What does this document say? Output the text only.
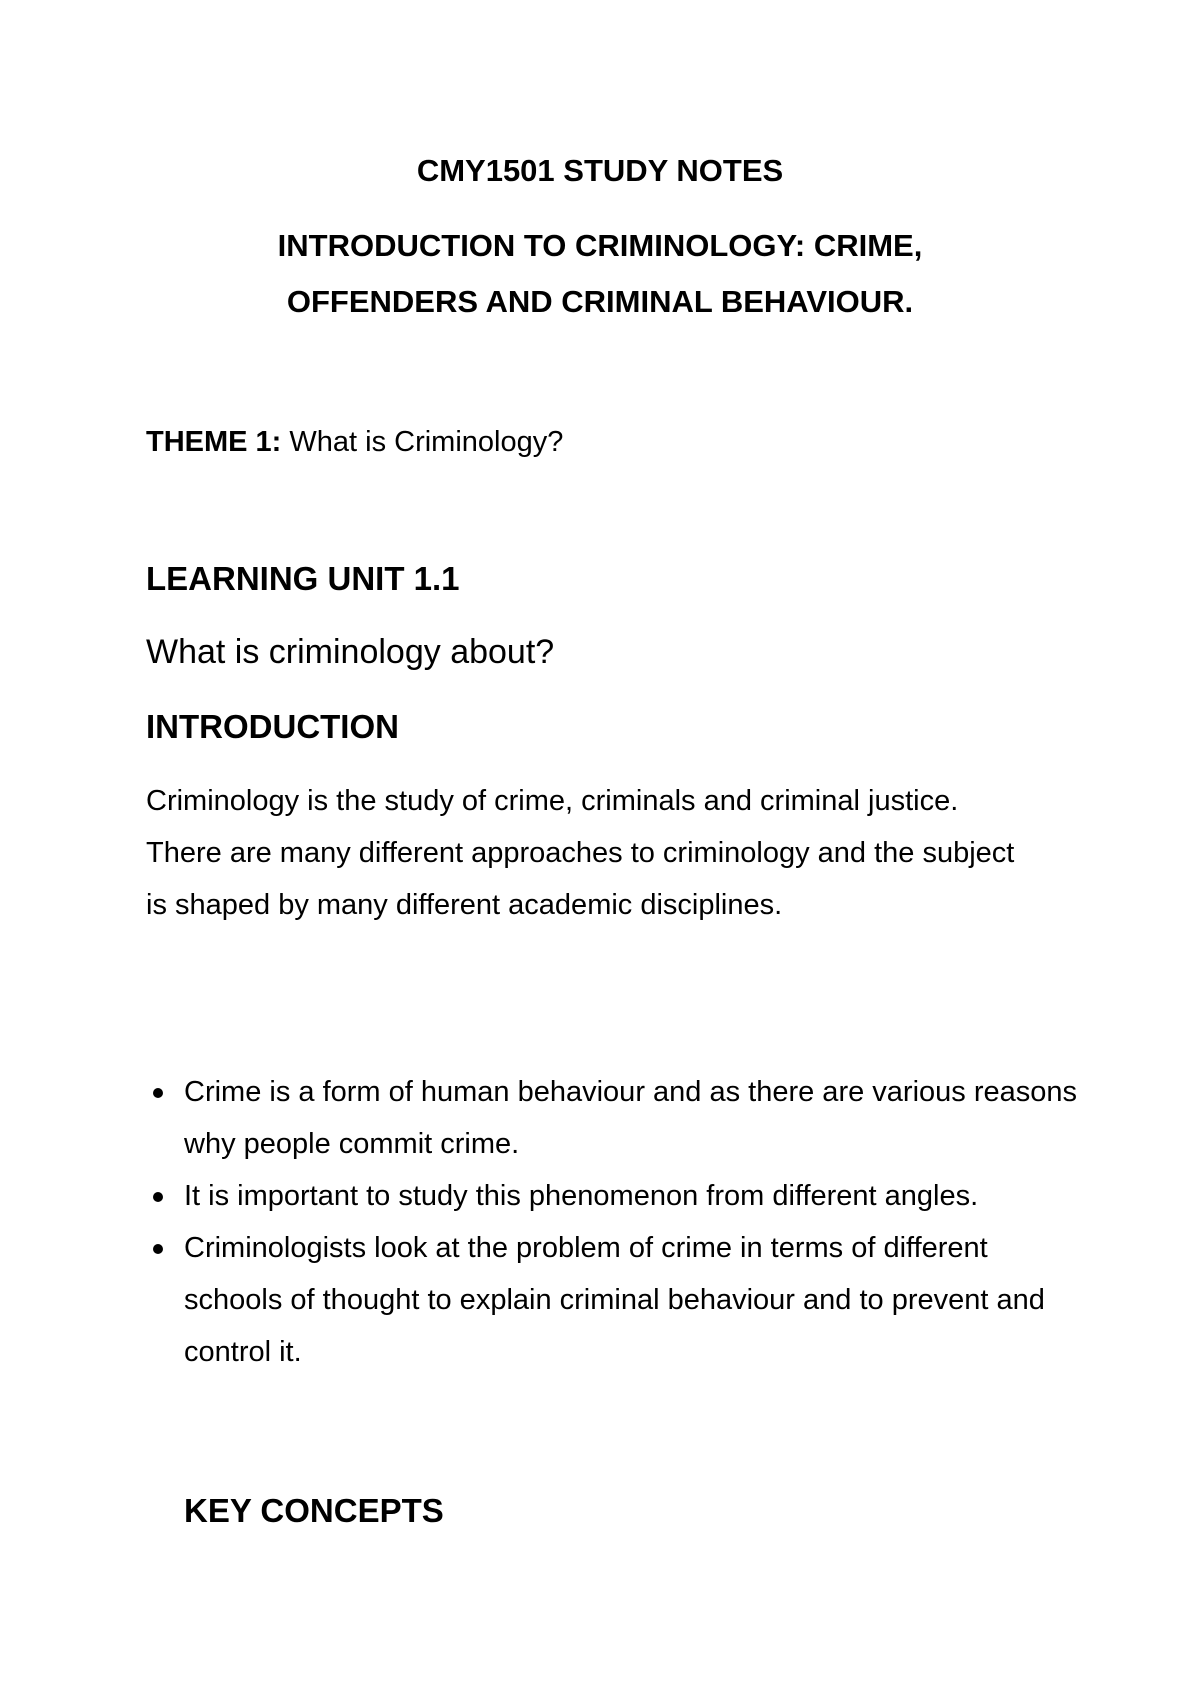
CMY1501 STUDY NOTES
INTRODUCTION TO CRIMINOLOGY: CRIME,
OFFENDERS AND CRIMINAL BEHAVIOUR.
THEME 1: What is Criminology?
LEARNING UNIT 1.1
What is criminology about?
INTRODUCTION
Criminology is the study of crime, criminals and criminal justice. There are many different approaches to criminology and the subject is shaped by many different academic disciplines.
Crime is a form of human behaviour and as there are various reasons why people commit crime.
It is important to study this phenomenon from different angles.
Criminologists look at the problem of crime in terms of different schools of thought to explain criminal behaviour and to prevent and control it.
KEY CONCEPTS
